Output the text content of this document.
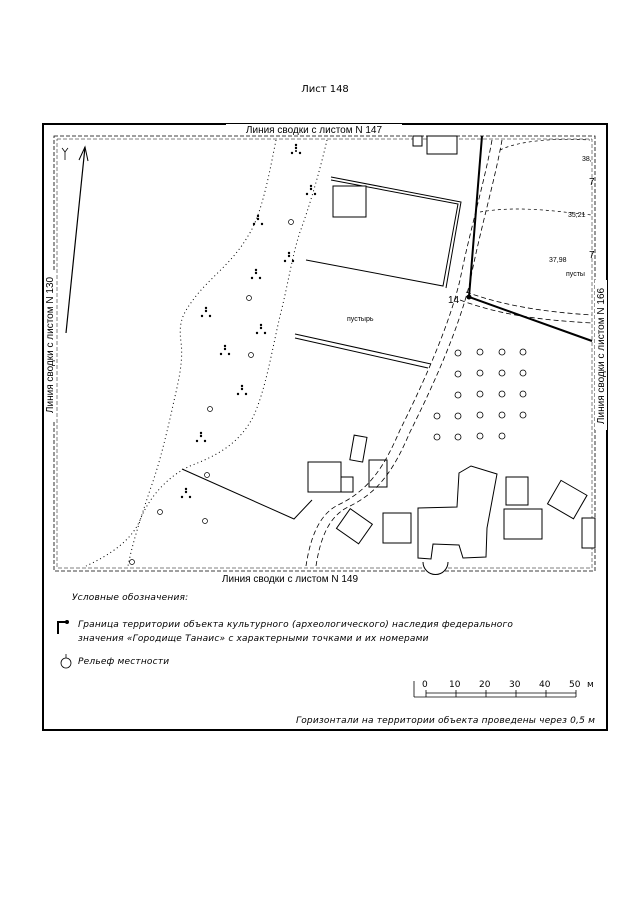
Лист 148
Линия сводки с листом N 147
Линия сводки с листом N 149
Линия сводки с листом N 130	Линия сводки с листом N 166
14
38,
35,21
37,98
7
7
пусты
пустырь
Условные обозначения:
Граница территории объекта культурного (археологического) наследия федерального
значения «Городище Танаис» с характерными точками и их номерами
Рельеф местности
0 10 20 30 40 50 м
Горизонтали на территории объекта проведены через 0,5 м
